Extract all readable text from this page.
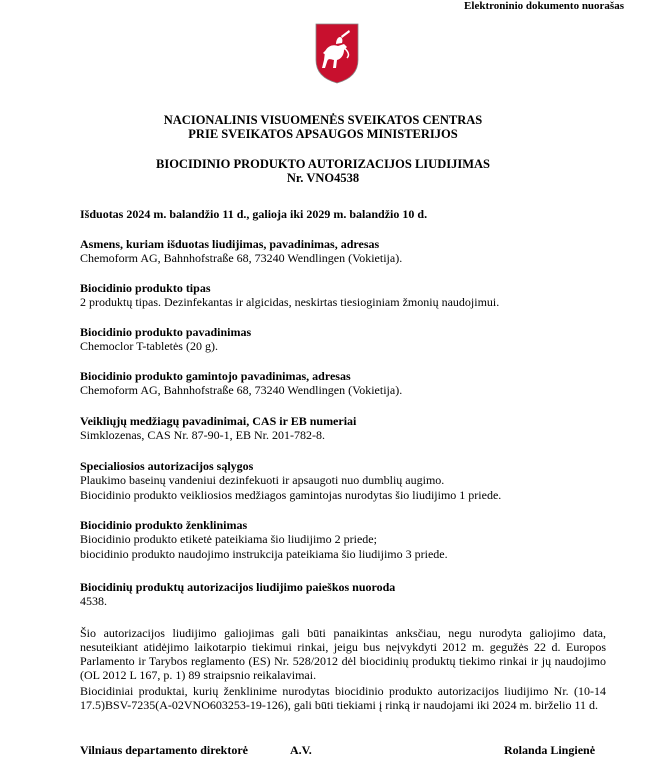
Elektroninio dokumento nuorašas
NACIONALINIS VISUOMENĖS SVEIKATOS CENTRAS
PRIE SVEIKATOS APSAUGOS MINISTERIJOS
BIOCIDINIO PRODUKTO AUTORIZACIJOS LIUDIJIMAS
Nr. VNO4538
Išduotas 2024 m. balandžio 11 d., galioja iki 2029 m. balandžio 10 d.
Asmens, kuriam išduotas liudijimas, pavadinimas, adresas
Chemoform AG, Bahnhofstraße 68, 73240 Wendlingen (Vokietija).
Biocidinio produkto tipas
2 produktų tipas. Dezinfekantas ir algicidas, neskirtas tiesioginiam žmonių naudojimui.
Biocidinio produkto pavadinimas
Chemoclor T-tabletės (20 g).
Biocidinio produkto gamintojo pavadinimas, adresas
Chemoform AG, Bahnhofstraße 68, 73240 Wendlingen (Vokietija).
Veikliųjų medžiagų pavadinimai, CAS ir EB numeriai
Simklozenas, CAS Nr. 87-90-1, EB Nr. 201-782-8.
Specialiosios autorizacijos sąlygos
Plaukimo baseinų vandeniui dezinfekuoti ir apsaugoti nuo dumblių augimo.
Biocidinio produkto veikliosios medžiagos gamintojas nurodytas šio liudijimo 1 priede.
Biocidinio produkto ženklinimas
Biocidinio produkto etiketė pateikiama šio liudijimo 2 priede;
biocidinio produkto naudojimo instrukcija pateikiama šio liudijimo 3 priede.
Biocidinių produktų autorizacijos liudijimo paieškos nuoroda
4538.
Šio autorizacijos liudijimo galiojimas gali būti panaikintas anksčiau, negu nurodyta galiojimo data, nesuteikiant atidėjimo laikotarpio tiekimui rinkai, jeigu bus neįvykdyti 2012 m. gegužės 22 d. Europos Parlamento ir Tarybos reglamento (ES) Nr. 528/2012 dėl biocidinių produktų tiekimo rinkai ir jų naudojimo (OL 2012 L 167, p. 1) 89 straipsnio reikalavimai.
Biocidiniai produktai, kurių ženklinime nurodytas biocidinio produkto autorizacijos liudijimo Nr. (10-14 17.5)BSV-7235(A-02VNO603253-19-126), gali būti tiekiami į rinką ir naudojami iki 2024 m. birželio 11 d.
Vilniaus departamento direktorė	A.V.	Rolanda Lingienė
